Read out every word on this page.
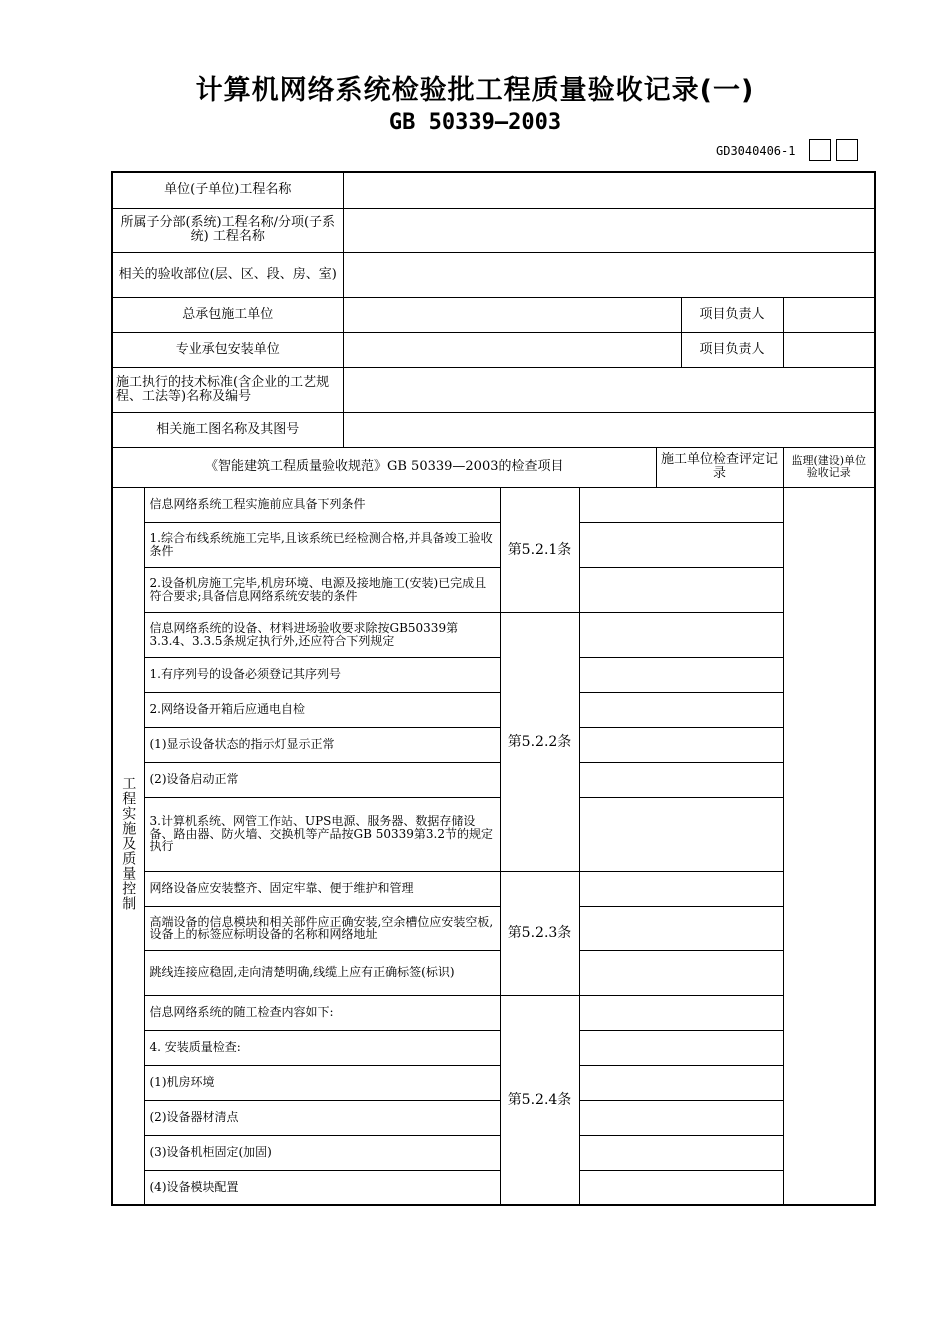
计算机网络系统检验批工程质量验收记录(一)
GB 50339—2003
GD3040406-1
单位(子单位)工程名称							
所属子分部(系统)工程名称/分项(子系统) 工程名称							
相关的验收部位(层、区、段、房、室)							
总承包施工单位						项目负责人	
专业承包安装单位						项目负责人	
施工执行的技术标准(含企业的工艺规程、工法等)名称及编号							
相关施工图名称及其图号							
《智能建筑工程质量验收规范》GB 50339—2003的检查项目					施工单位检查评定记录		监理(建设)单位验收记录
工程实施及质量控制	信息网络系统工程实施前应具备下列条件		第5.2.1条				
	1.综合布线系统施工完毕,且该系统已经检测合格,并具备竣工验收条件						
	2.设备机房施工完毕,机房环境、电源及接地施工(安装)已完成且符合要求;具备信息网络系统安装的条件						
	信息网络系统的设备、材料进场验收要求除按GB50339第3.3.4、3.3.5条规定执行外,还应符合下列规定		第5.2.2条				
	1.有序列号的设备必须登记其序列号						
	2.网络设备开箱后应通电自检						
	(1)显示设备状态的指示灯显示正常						
	(2)设备启动正常						
	3.计算机系统、网管工作站、UPS电源、服务器、数据存储设备、路由器、防火墙、交换机等产品按GB 50339第3.2节的规定执行						
	网络设备应安装整齐、固定牢靠、便于维护和管理		第5.2.3条				
	高端设备的信息模块和相关部件应正确安装,空余槽位应安装空板,设备上的标签应标明设备的名称和网络地址						
	跳线连接应稳固,走向清楚明确,线缆上应有正确标签(标识)						
	信息网络系统的随工检查内容如下:		第5.2.4条				
	4. 安装质量检查:						
	(1)机房环境						
	(2)设备器材清点						
	(3)设备机柜固定(加固)						
	(4)设备模块配置						
